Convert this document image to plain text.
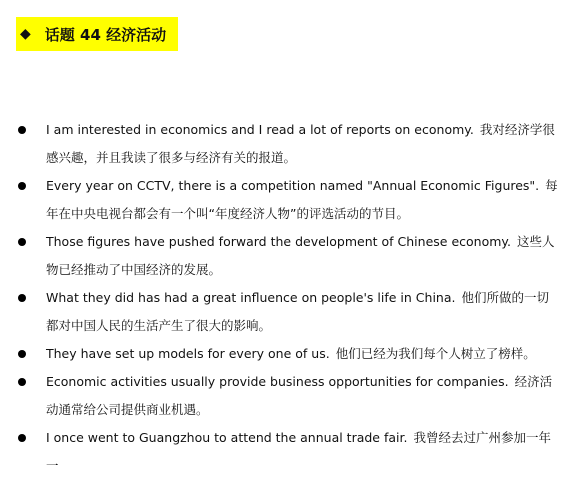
◆ 话题 44 经济活动
I am interested in economics and I read a lot of reports on economy. 我对经济学很感兴趣，并且我读了很多与经济有关的报道。
Every year on CCTV, there is a competition named "Annual Economic Figures". 每年在中央电视台都会有一个叫“年度经济人物”的评选活动的节目。
Those figures have pushed forward the development of Chinese economy. 这些人物已经推动了中国经济的发展。
What they did has had a great influence on people's life in China. 他们所做的一切都对中国人民的生活产生了很大的影响。
They have set up models for every one of us. 他们已经为我们每个人树立了榜样。
Economic activities usually provide business opportunities for companies. 经济活动通常给公司提供商业机遇。
I once went to Guangzhou to attend the annual trade fair. 我曾经去过广州参加一年一
